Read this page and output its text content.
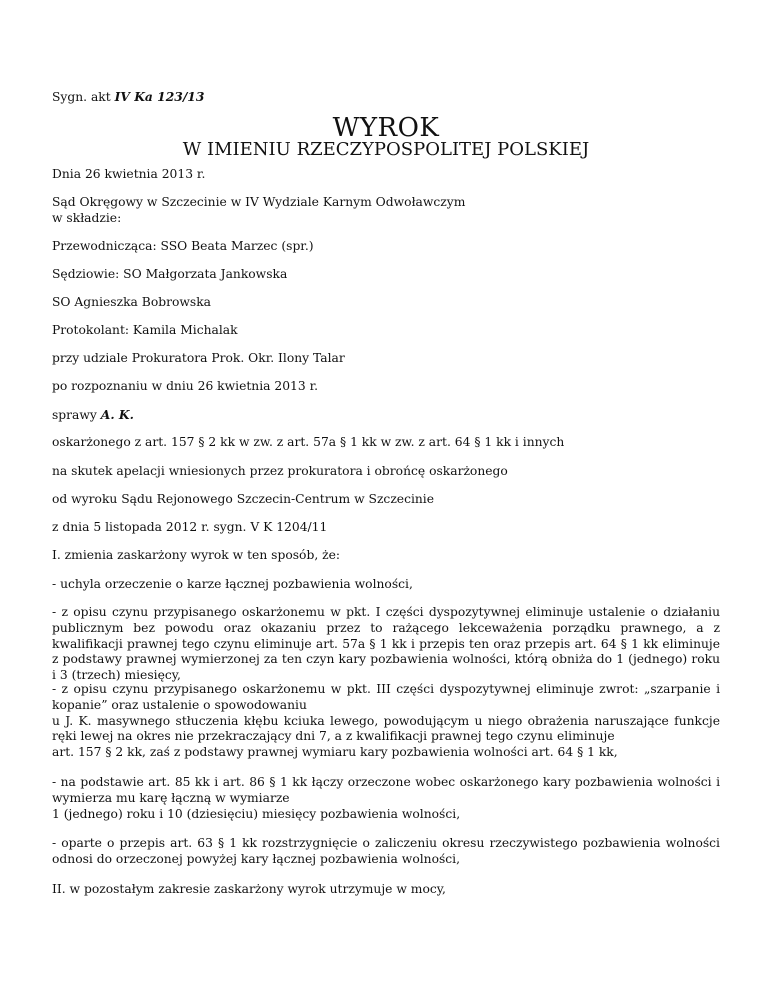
Sygn. akt IV Ka 123/13
WYROK
W IMIENIU RZECZYPOSPOLITEJ POLSKIEJ
Dnia 26 kwietnia 2013 r.
Sąd Okręgowy w Szczecinie w IV Wydziale Karnym Odwoławczym
w składzie:
Przewodnicząca: SSO Beata Marzec (spr.)
Sędziowie: SO Małgorzata Jankowska
SO Agnieszka Bobrowska
Protokolant: Kamila Michalak
przy udziale Prokuratora Prok. Okr. Ilony Talar
po rozpoznaniu w dniu 26 kwietnia 2013 r.
sprawy A. K.
oskarżonego z art. 157 § 2 kk w zw. z art. 57a § 1 kk w zw. z art. 64 § 1 kk i innych
na skutek apelacji wniesionych przez prokuratora i obrońcę oskarżonego
od wyroku Sądu Rejonowego Szczecin-Centrum w Szczecinie
z dnia 5 listopada 2012 r. sygn. V K 1204/11
I. zmienia zaskarżony wyrok w ten sposób, że:
- uchyla orzeczenie o karze łącznej pozbawienia wolności,
- z opisu czynu przypisanego oskarżonemu w pkt. I części dyspozytywnej eliminuje ustalenie o działaniu publicznym bez powodu oraz okazaniu przez to rażącego lekceważenia porządku prawnego, a z kwalifikacji prawnej tego czynu eliminuje art. 57a § 1 kk i przepis ten oraz przepis art. 64 § 1 kk eliminuje z podstawy prawnej wymierzonej za ten czyn kary pozbawienia wolności, którą obniża do 1 (jednego) roku i 3 (trzech) miesięcy,
- z opisu czynu przypisanego oskarżonemu w pkt. III części dyspozytywnej eliminuje zwrot: „szarpanie i kopanie” oraz ustalenie o spowodowaniu
u J. K. masywnego stłuczenia kłębu kciuka lewego, powodującym u niego obrażenia naruszające funkcje ręki lewej na okres nie przekraczający dni 7, a z kwalifikacji prawnej tego czynu eliminuje
art. 157 § 2 kk, zaś z podstawy prawnej wymiaru kary pozbawienia wolności art. 64 § 1 kk,
- na podstawie art. 85 kk i art. 86 § 1 kk łączy orzeczone wobec oskarżonego kary pozbawienia wolności i wymierza mu karę łączną w wymiarze
1 (jednego) roku i 10 (dziesięciu) miesięcy pozbawienia wolności,
- oparte o przepis art. 63 § 1 kk rozstrzygnięcie o zaliczeniu okresu rzeczywistego pozbawienia wolności odnosi do orzeczonej powyżej kary łącznej pozbawienia wolności,
II. w pozostałym zakresie zaskarżony wyrok utrzymuje w mocy,
